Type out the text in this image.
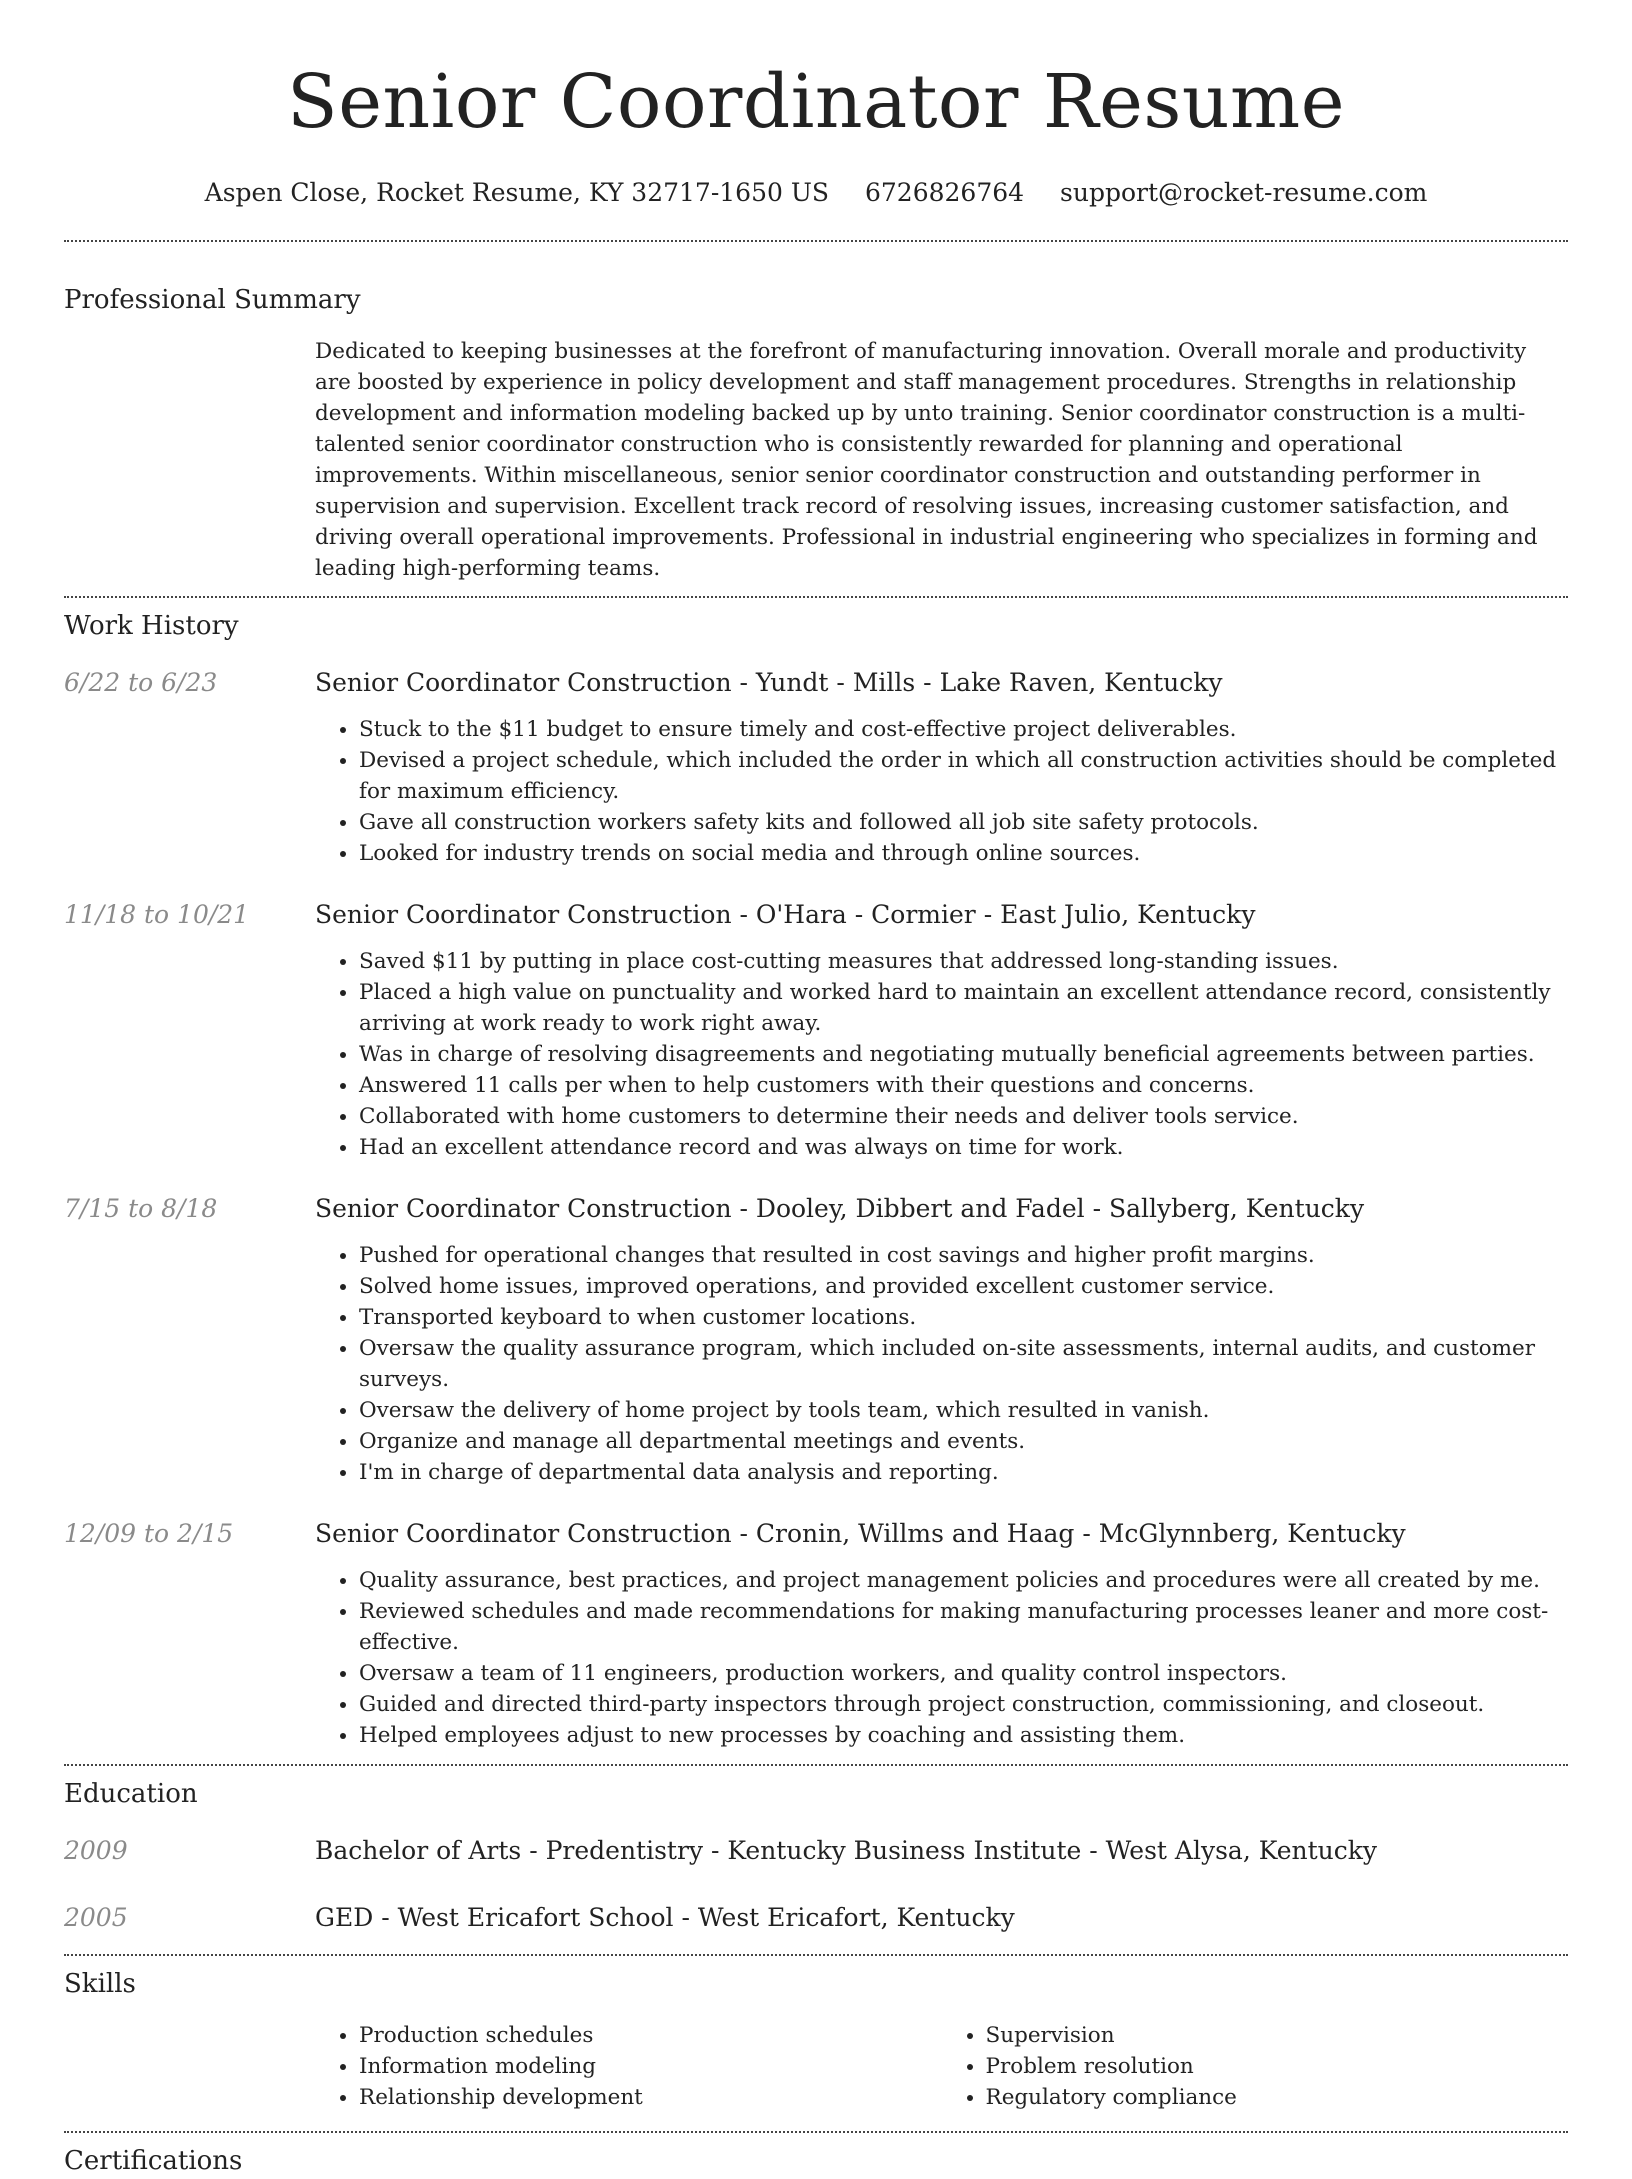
Senior Coordinator Resume
Aspen Close, Rocket Resume, KY 32717-1650 US 6726826764 support@rocket-resume.com
Professional Summary

Dedicated to keeping businesses at the forefront of manufacturing innovation. Overall morale and productivity are boosted by experience in policy development and staff management procedures. Strengths in relationship development and information modeling backed up by unto training. Senior coordinator construction is a multi-talented senior coordinator construction who is consistently rewarded for planning and operational improvements. Within miscellaneous, senior senior coordinator construction and outstanding performer in supervision and supervision. Excellent track record of resolving issues, increasing customer satisfaction, and driving overall operational improvements. Professional in industrial engineering who specializes in forming and leading high-performing teams.

Work History
6/22 to 6/23	Senior Coordinator Construction - Yundt - Mills - Lake Raven, Kentucky

• Stuck to the $11 budget to ensure timely and cost-effective project deliverables.
• Devised a project schedule, which included the order in which all construction activities should be completed for maximum efficiency.
• Gave all construction workers safety kits and followed all job site safety protocols.
• Looked for industry trends on social media and through online sources.
11/18 to 10/21	Senior Coordinator Construction - O'Hara - Cormier - East Julio, Kentucky

• Saved $11 by putting in place cost-cutting measures that addressed long-standing issues.
• Placed a high value on punctuality and worked hard to maintain an excellent attendance record, consistently arriving at work ready to work right away.
• Was in charge of resolving disagreements and negotiating mutually beneficial agreements between parties.
• Answered 11 calls per when to help customers with their questions and concerns.
• Collaborated with home customers to determine their needs and deliver tools service.
• Had an excellent attendance record and was always on time for work.
7/15 to 8/18	Senior Coordinator Construction - Dooley, Dibbert and Fadel - Sallyberg, Kentucky

• Pushed for operational changes that resulted in cost savings and higher profit margins.
• Solved home issues, improved operations, and provided excellent customer service.
• Transported keyboard to when customer locations.
• Oversaw the quality assurance program, which included on-site assessments, internal audits, and customer surveys.
• Oversaw the delivery of home project by tools team, which resulted in vanish.
• Organize and manage all departmental meetings and events.
• I'm in charge of departmental data analysis and reporting.
12/09 to 2/15	Senior Coordinator Construction - Cronin, Willms and Haag - McGlynnberg, Kentucky

• Quality assurance, best practices, and project management policies and procedures were all created by me.
• Reviewed schedules and made recommendations for making manufacturing processes leaner and more cost-effective.
• Oversaw a team of 11 engineers, production workers, and quality control inspectors.
• Guided and directed third-party inspectors through project construction, commissioning, and closeout.
• Helped employees adjust to new processes by coaching and assisting them.
Education
2009	Bachelor of Arts - Predentistry - Kentucky Business Institute - West Alysa, Kentucky

2005	GED - West Ericafort School - West Ericafort, Kentucky

Skills
• Production schedules
• Information modeling
• Relationship development
• Supervision
• Problem resolution
• Regulatory compliance
Certifications
